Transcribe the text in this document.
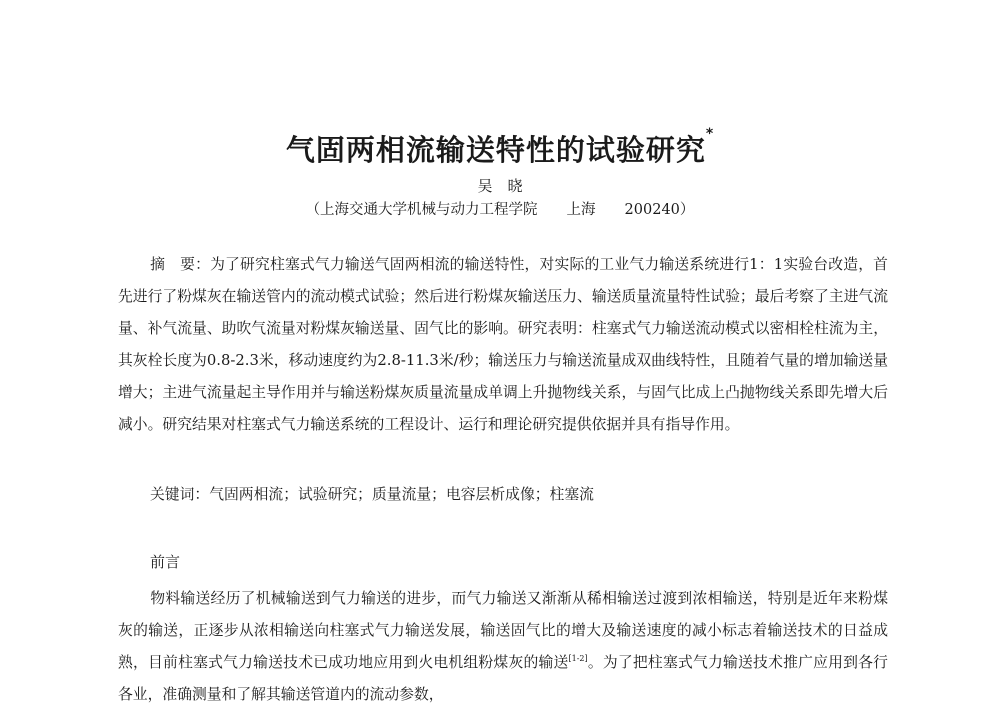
气固两相流输送特性的试验研究*
吴　晓
（上海交通大学机械与动力工程学院　　上海　　200240）
摘　要：为了研究柱塞式气力输送气固两相流的输送特性，对实际的工业气力输送系统进行1：1实验台改造，首先进行了粉煤灰在输送管内的流动模式试验；然后进行粉煤灰输送压力、输送质量流量特性试验；最后考察了主进气流量、补气流量、助吹气流量对粉煤灰输送量、固气比的影响。研究表明：柱塞式气力输送流动模式以密相栓柱流为主，其灰栓长度为0.8-2.3米，移动速度约为2.8-11.3米/秒；输送压力与输送流量成双曲线特性，且随着气量的增加输送量增大；主进气流量起主导作用并与输送粉煤灰质量流量成单调上升抛物线关系，与固气比成上凸抛物线关系即先增大后减小。研究结果对柱塞式气力输送系统的工程设计、运行和理论研究提供依据并具有指导作用。
关键词：气固两相流；试验研究；质量流量；电容层析成像；柱塞流
前言
物料输送经历了机械输送到气力输送的进步，而气力输送又渐渐从稀相输送过渡到浓相输送，特别是近年来粉煤灰的输送，正逐步从浓相输送向柱塞式气力输送发展，输送固气比的增大及输送速度的减小标志着输送技术的日益成熟，目前柱塞式气力输送技术已成功地应用到火电机组粉煤灰的输送[1-2]。为了把柱塞式气力输送技术推广应用到各行各业，准确测量和了解其输送管道内的流动参数，
